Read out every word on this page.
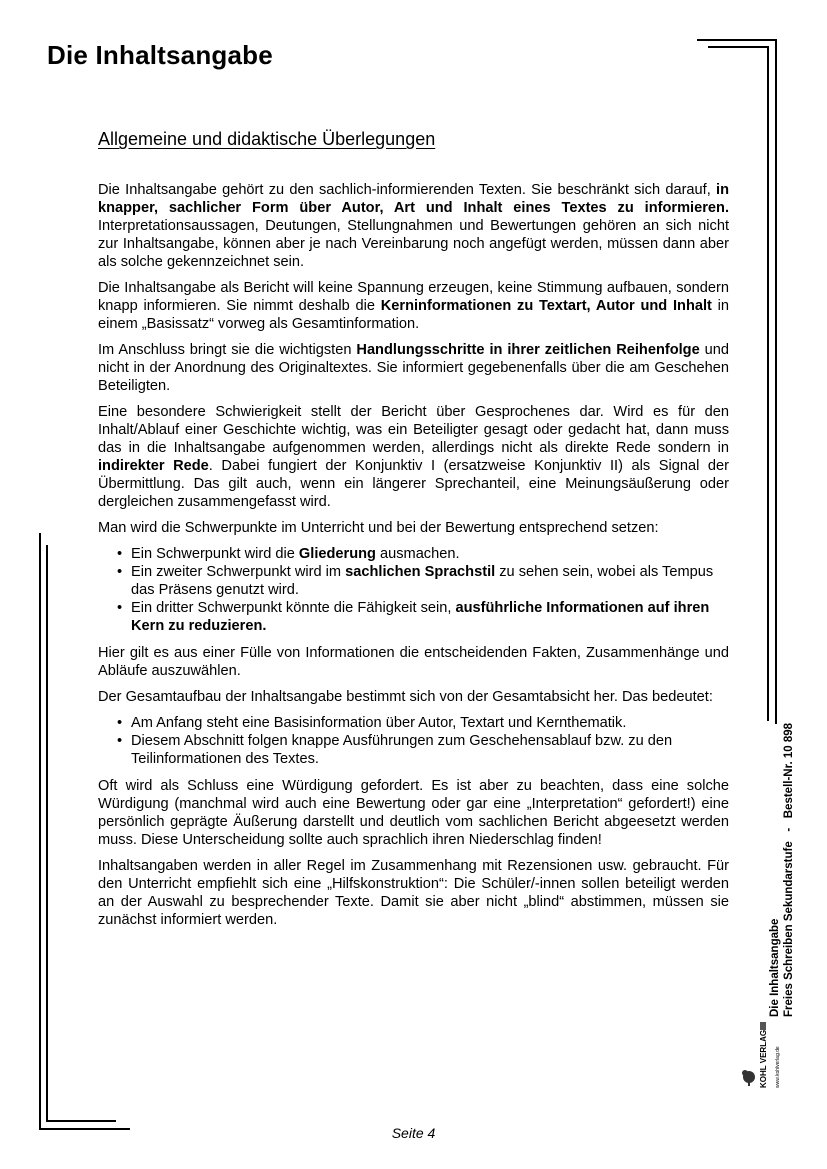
Die Inhaltsangabe
Allgemeine und didaktische Überlegungen

Die Inhaltsangabe gehört zu den sachlich-informierenden Texten. Sie beschränkt sich darauf, in knapper, sachlicher Form über Autor, Art und Inhalt eines Textes zu informieren. Interpretationsaussagen, Deutungen, Stellungnahmen und Bewertungen gehören an sich nicht zur Inhaltsangabe, können aber je nach Vereinbarung noch angefügt werden, müssen dann aber als solche gekennzeichnet sein.

Die Inhaltsangabe als Bericht will keine Spannung erzeugen, keine Stimmung aufbauen, sondern knapp informieren. Sie nimmt deshalb die Kerninformationen zu Textart, Autor und Inhalt in einem „Basissatz“ vorweg als Gesamtinformation.

Im Anschluss bringt sie die wichtigsten Handlungsschritte in ihrer zeitlichen Reihenfolge und nicht in der Anordnung des Originaltextes. Sie informiert gegebenenfalls über die am Geschehen Beteiligten.

Eine besondere Schwierigkeit stellt der Bericht über Gesprochenes dar. Wird es für den Inhalt/Ablauf einer Geschichte wichtig, was ein Beteiligter gesagt oder gedacht hat, dann muss das in die Inhaltsangabe aufgenommen werden, allerdings nicht als direkte Rede sondern in indirekter Rede. Dabei fungiert der Konjunktiv I (ersatzweise Konjunktiv II) als Signal der Übermittlung. Das gilt auch, wenn ein längerer Sprechanteil, eine Meinungsäußerung oder dergleichen zusammengefasst wird.

Man wird die Schwerpunkte im Unterricht und bei der Bewertung entsprechend setzen:

• Ein Schwerpunkt wird die Gliederung ausmachen.
• Ein zweiter Schwerpunkt wird im sachlichen Sprachstil zu sehen sein, wobei als Tempus das Präsens genutzt wird.
• Ein dritter Schwerpunkt könnte die Fähigkeit sein, ausführliche Informationen auf ihren Kern zu reduzieren.

Hier gilt es aus einer Fülle von Informationen die entscheidenden Fakten, Zusammenhänge und Abläufe auszuwählen.

Der Gesamtaufbau der Inhaltsangabe bestimmt sich von der Gesamtabsicht her. Das bedeutet:

• Am Anfang steht eine Basisinformation über Autor, Textart und Kernthematik.
• Diesem Abschnitt folgen knappe Ausführungen zum Geschehensablauf bzw. zu den Teilinformationen des Textes.

Oft wird als Schluss eine Würdigung gefordert. Es ist aber zu beachten, dass eine solche Würdigung (manchmal wird auch eine Bewertung oder gar eine „Interpretation“ gefordert!) eine persönlich geprägte Äußerung darstellt und deutlich vom sachlichen Bericht abgeesetzt werden muss. Diese Unterscheidung sollte auch sprachlich ihren Niederschlag finden!

Inhaltsangaben werden in aller Regel im Zusammenhang mit Rezensionen usw. gebraucht. Für den Unterricht empfiehlt sich eine „Hilfskonstruktion“: Die Schüler/-innen sollen beteiligt werden an der Auswahl zu besprechender Texte. Damit sie aber nicht „blind“ abstimmen, müssen sie zunächst informiert werden.	Die Inhaltsangabe Freies Schreiben Sekundarstufe   -   Bestell-Nr. 10 898
KOHL VERLAG www.kohlverlag.de
Seite 4
